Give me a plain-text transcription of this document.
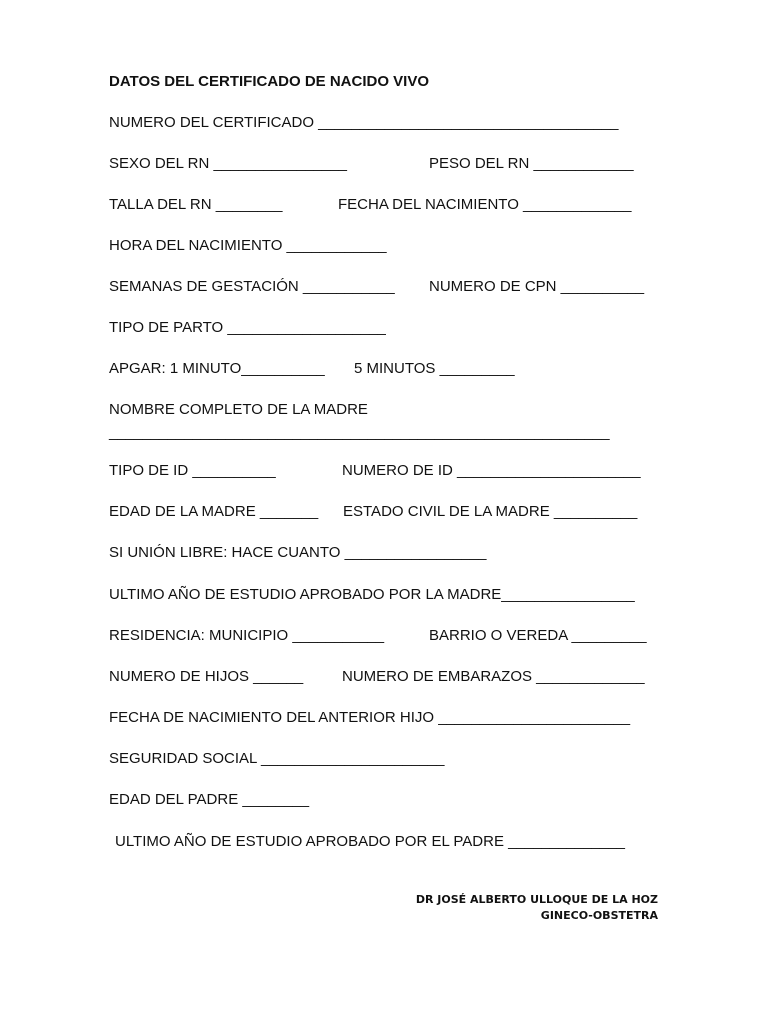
DATOS DEL CERTIFICADO DE NACIDO VIVO
NUMERO DEL CERTIFICADO ____________________________________
SEXO DEL RN ________________	PESO DEL RN ____________
TALLA DEL RN ________	FECHA DEL NACIMIENTO _____________
HORA DEL NACIMIENTO ____________
SEMANAS DE GESTACIÓN ___________ NUMERO DE CPN __________
TIPO DE PARTO ___________________
APGAR: 1 MINUTO__________ 5 MINUTOS _________
NOMBRE COMPLETO DE LA MADRE
____________________________________________________________
TIPO DE ID __________	NUMERO DE ID ______________________
EDAD DE LA MADRE _______ ESTADO CIVIL DE LA MADRE __________
SI UNIÓN LIBRE: HACE CUANTO _________________
ULTIMO AÑO DE ESTUDIO APROBADO POR LA MADRE________________
RESIDENCIA: MUNICIPIO ___________	BARRIO O VEREDA _________
NUMERO DE HIJOS ______	NUMERO DE EMBARAZOS _____________
FECHA DE NACIMIENTO DEL ANTERIOR HIJO _______________________
SEGURIDAD SOCIAL ______________________
EDAD DEL PADRE ________
ULTIMO AÑO DE ESTUDIO APROBADO POR EL PADRE ______________
DR JOSÉ ALBERTO ULLOQUE DE LA HOZ
GINECO-OBSTETRA
